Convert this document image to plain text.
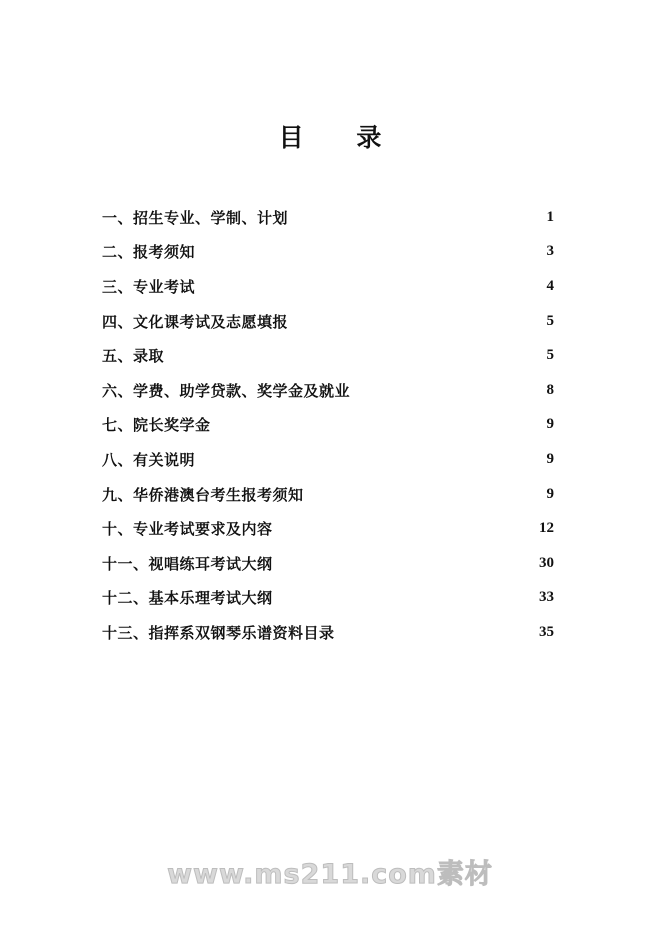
目 录
一、招生专业、学制、计划	1
二、报考须知	3
三、专业考试	4
四、文化课考试及志愿填报	5
五、录取	5
六、学费、助学贷款、奖学金及就业	8
七、院长奖学金	9
八、有关说明	9
九、华侨港澳台考生报考须知	9
十、专业考试要求及内容	12
十一、视唱练耳考试大纲	30
十二、基本乐理考试大纲	33
十三、指挥系双钢琴乐谱资料目录	35
www.ms211.com素材
